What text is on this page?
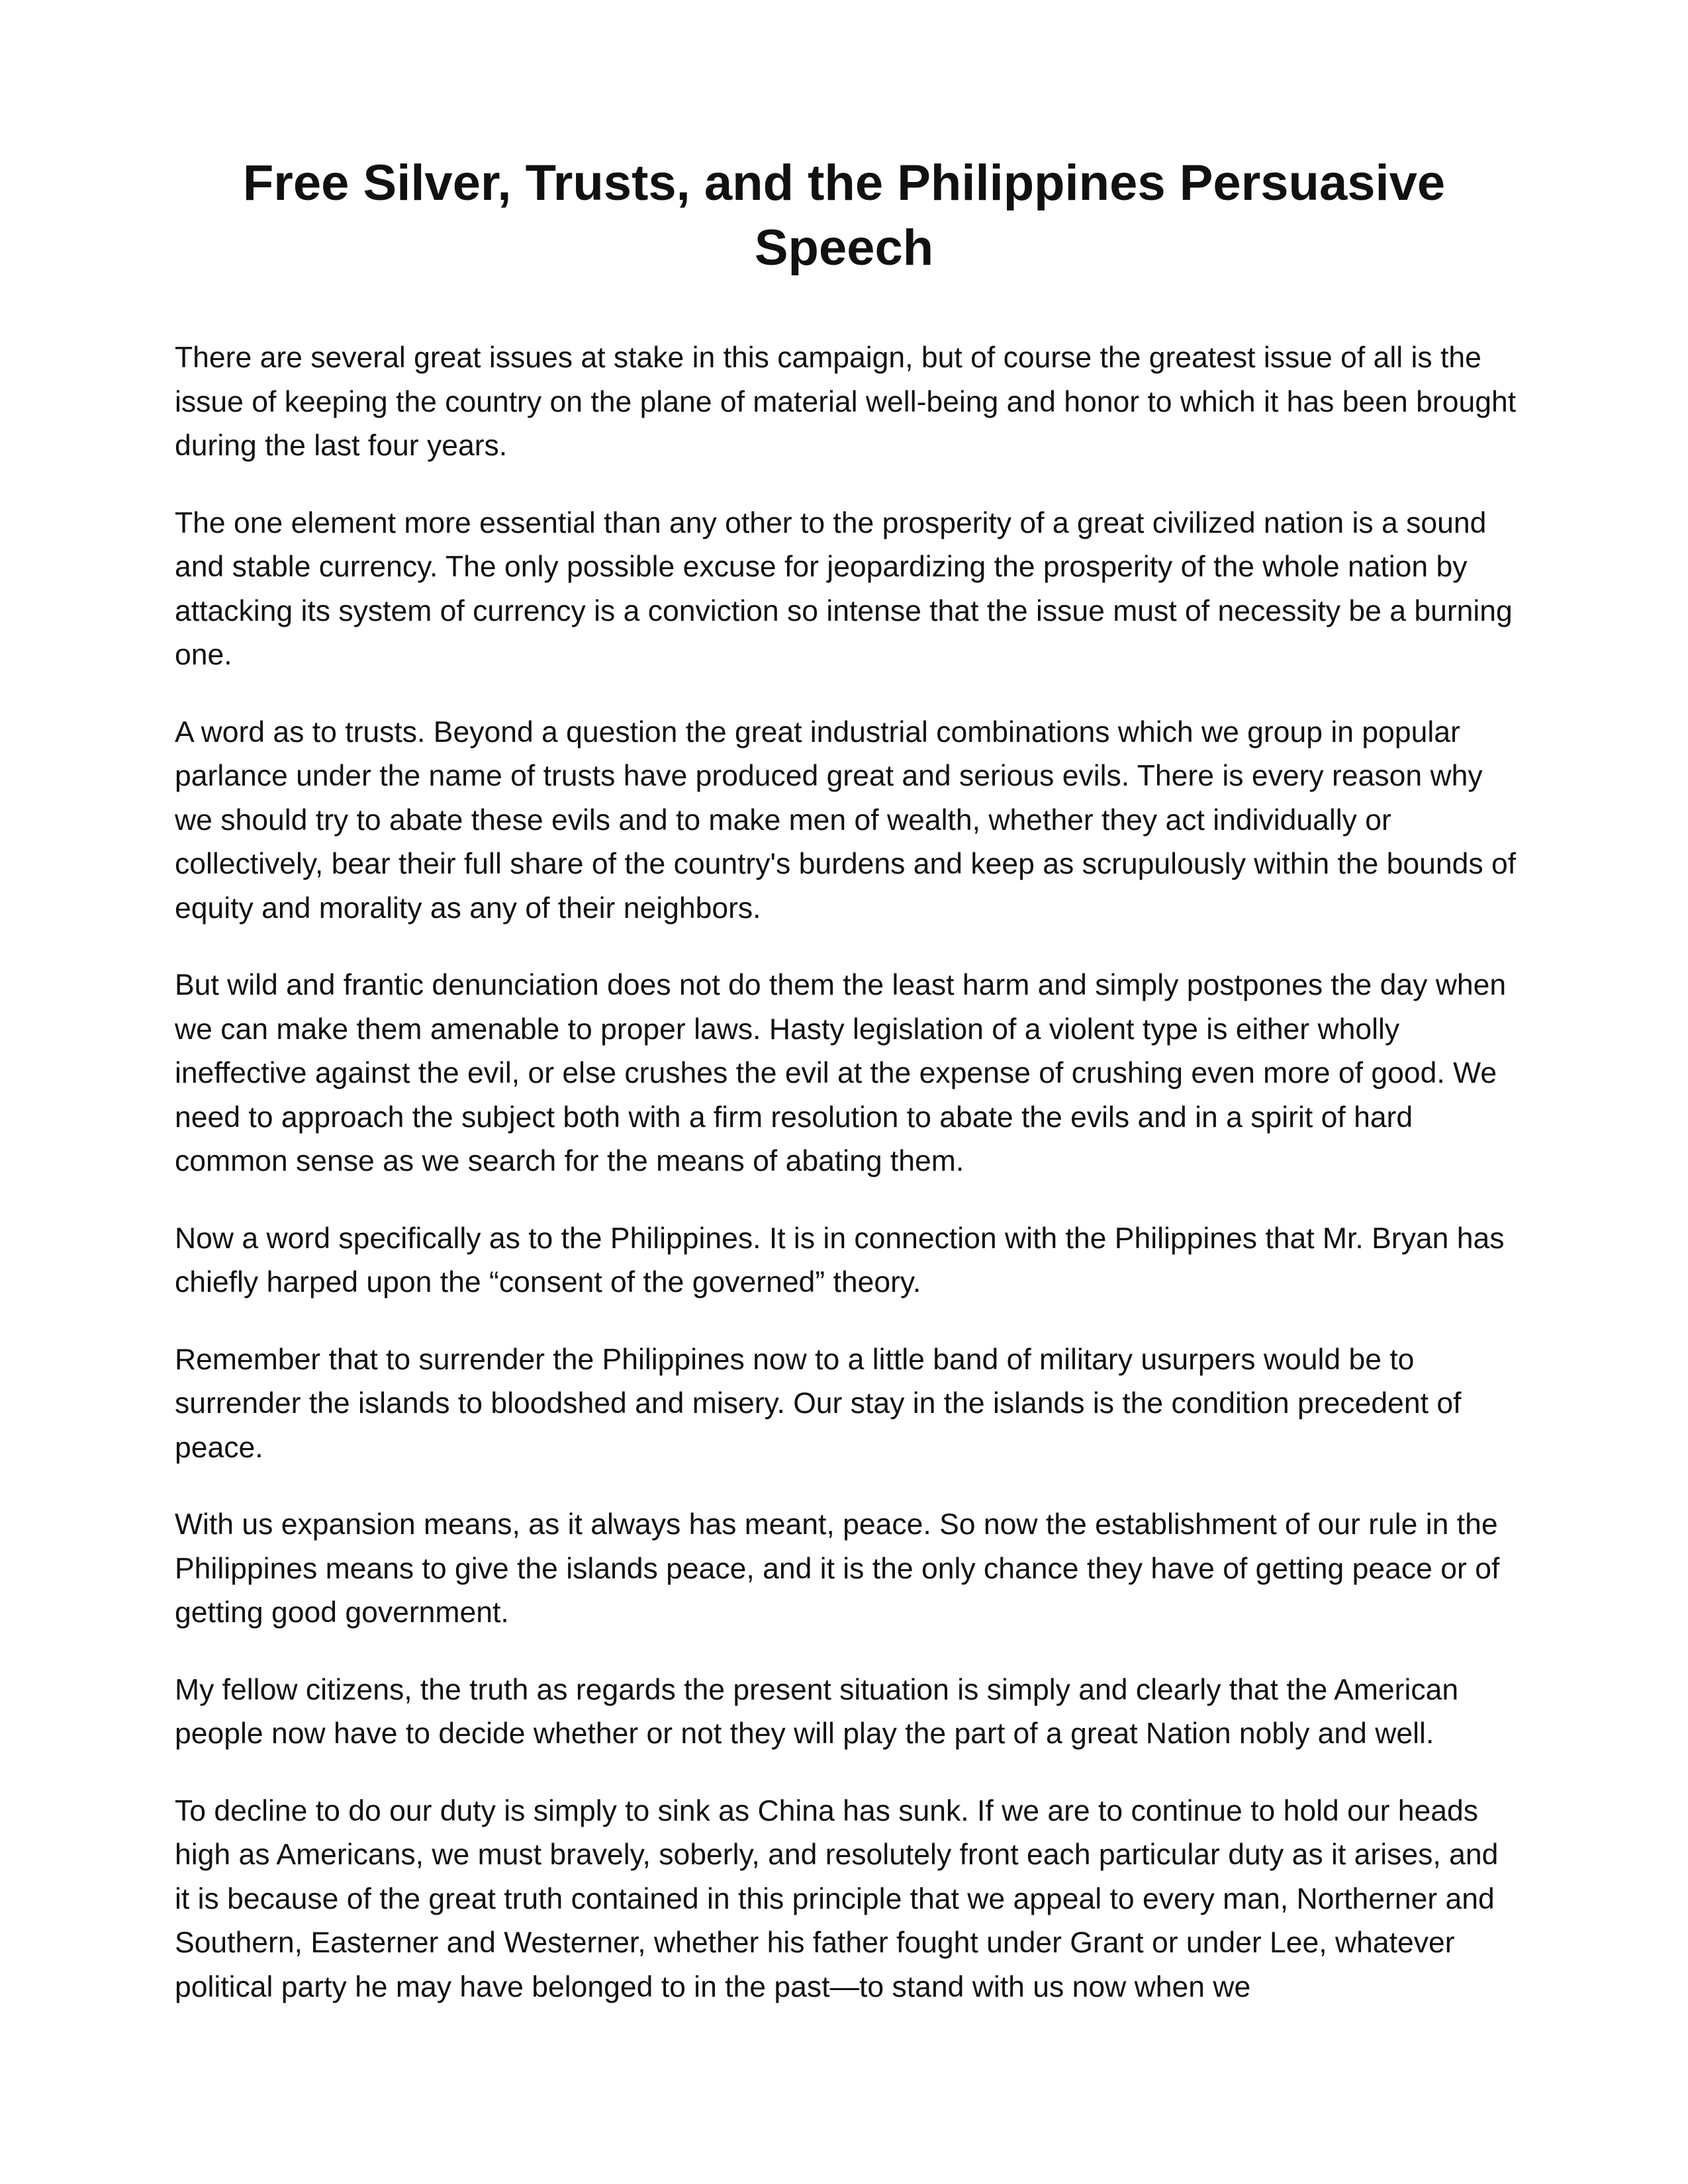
Free Silver, Trusts, and the Philippines Persuasive Speech

There are several great issues at stake in this campaign, but of course the greatest issue of all is the issue of keeping the country on the plane of material well-being and honor to which it has been brought during the last four years.

The one element more essential than any other to the prosperity of a great civilized nation is a sound and stable currency. The only possible excuse for jeopardizing the prosperity of the whole nation by attacking its system of currency is a conviction so intense that the issue must of necessity be a burning one.

A word as to trusts. Beyond a question the great industrial combinations which we group in popular parlance under the name of trusts have produced great and serious evils. There is every reason why we should try to abate these evils and to make men of wealth, whether they act individually or collectively, bear their full share of the country's burdens and keep as scrupulously within the bounds of equity and morality as any of their neighbors.

But wild and frantic denunciation does not do them the least harm and simply postpones the day when we can make them amenable to proper laws. Hasty legislation of a violent type is either wholly ineffective against the evil, or else crushes the evil at the expense of crushing even more of good. We need to approach the subject both with a firm resolution to abate the evils and in a spirit of hard common sense as we search for the means of abating them.

Now a word specifically as to the Philippines. It is in connection with the Philippines that Mr. Bryan has chiefly harped upon the “consent of the governed” theory.

Remember that to surrender the Philippines now to a little band of military usurpers would be to surrender the islands to bloodshed and misery. Our stay in the islands is the condition precedent of peace.

With us expansion means, as it always has meant, peace. So now the establishment of our rule in the Philippines means to give the islands peace, and it is the only chance they have of getting peace or of getting good government.

My fellow citizens, the truth as regards the present situation is simply and clearly that the American people now have to decide whether or not they will play the part of a great Nation nobly and well.

To decline to do our duty is simply to sink as China has sunk. If we are to continue to hold our heads high as Americans, we must bravely, soberly, and resolutely front each particular duty as it arises, and it is because of the great truth contained in this principle that we appeal to every man, Northerner and Southern, Easterner and Westerner, whether his father fought under Grant or under Lee, whatever political party he may have belonged to in the past—to stand with us now when we
